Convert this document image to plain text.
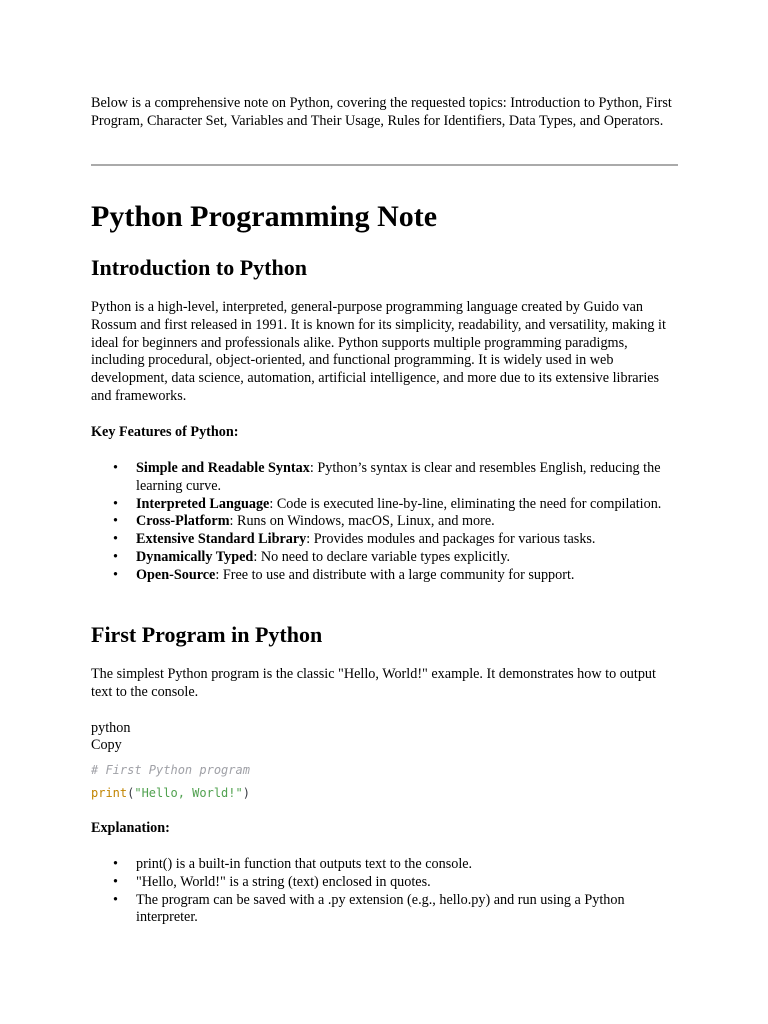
Below is a comprehensive note on Python, covering the requested topics: Introduction to Python, First Program, Character Set, Variables and Their Usage, Rules for Identifiers, Data Types, and Operators.

Python Programming Note
Introduction to Python

Python is a high-level, interpreted, general-purpose programming language created by Guido van Rossum and first released in 1991. It is known for its simplicity, readability, and versatility, making it ideal for beginners and professionals alike. Python supports multiple programming paradigms, including procedural, object-oriented, and functional programming. It is widely used in web development, data science, automation, artificial intelligence, and more due to its extensive libraries and frameworks.

Key Features of Python:

• Simple and Readable Syntax: Python’s syntax is clear and resembles English, reducing the learning curve.
• Interpreted Language: Code is executed line-by-line, eliminating the need for compilation.
• Cross-Platform: Runs on Windows, macOS, Linux, and more.
• Extensive Standard Library: Provides modules and packages for various tasks.
• Dynamically Typed: No need to declare variable types explicitly.
• Open-Source: Free to use and distribute with a large community for support.
First Program in Python

The simplest Python program is the classic "Hello, World!" example. It demonstrates how to output text to the console.

python

Copy

# First Python program
print("Hello, World!")

Explanation:

• print() is a built-in function that outputs text to the console.
• "Hello, World!" is a string (text) enclosed in quotes.
• The program can be saved with a .py extension (e.g., hello.py) and run using a Python interpreter.
